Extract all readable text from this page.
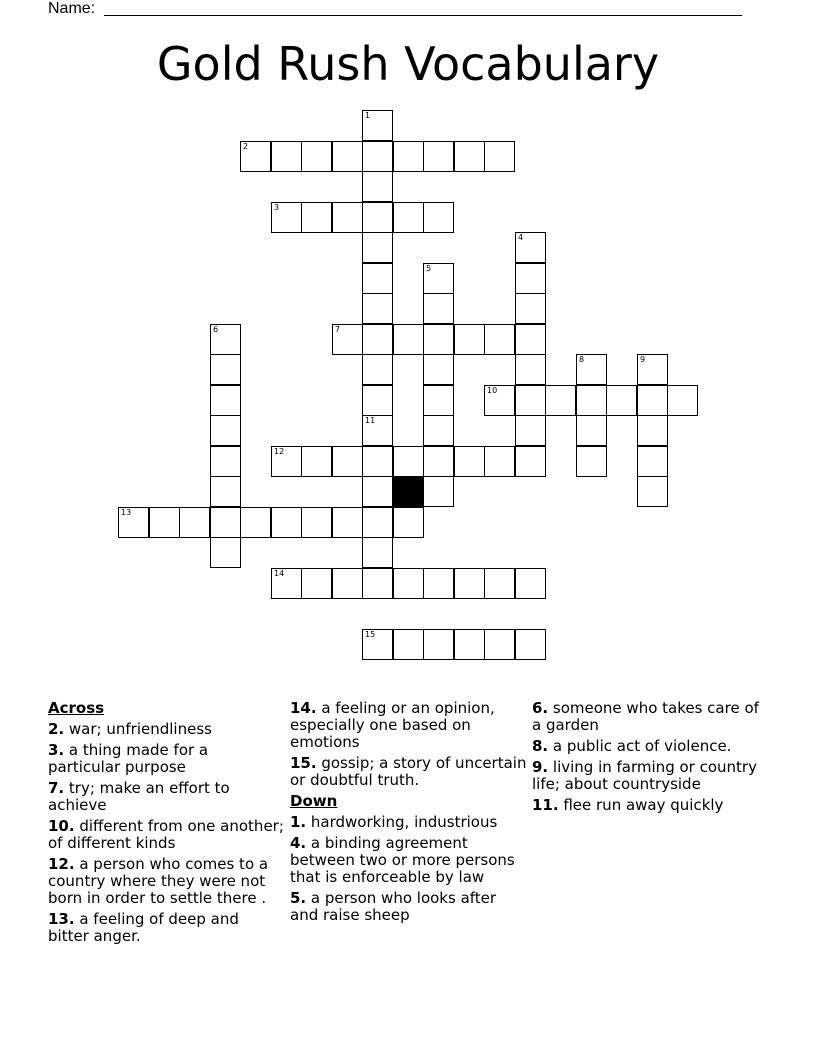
Name:
Gold Rush Vocabulary
1
11
2
3
4
5
6	7
8	9
10
12
13
14
15
Across
2. war; unfriendliness
3. a thing made for a particular purpose
7. try; make an effort to achieve
10. different from one another; of different kinds
12. a person who comes to a country where they were not born in order to settle there .
13. a feeling of deep and bitter anger.
14. a feeling or an opinion, especially one based on emotions
15. gossip; a story of uncertain or doubtful truth.
Down
1. hardworking, industrious
4. a binding agreement between two or more persons that is enforceable by law
5. a person who looks after and raise sheep
6. someone who takes care of a garden
8. a public act of violence.
9. living in farming or country life; about countryside
11. flee run away quickly
